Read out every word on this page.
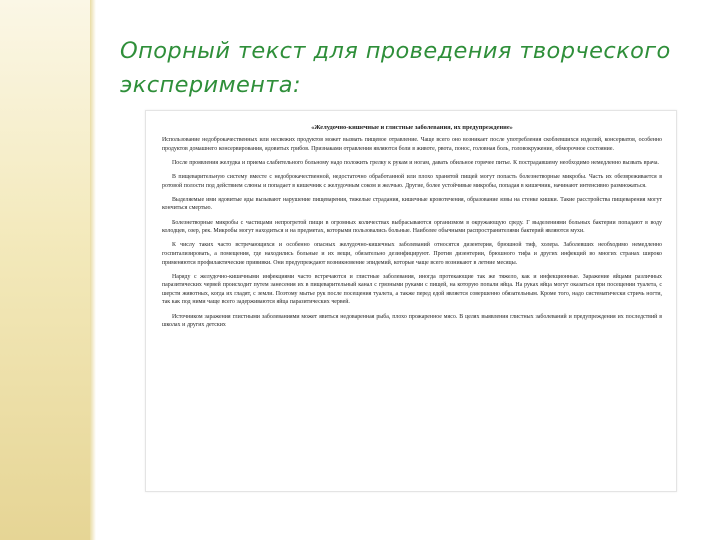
Опорный текст для проведения творческого эксперимента:
«Желудочно-кишечные и глистные заболевания, их предупреждение»

Использование недоброкачественных или несвежих продуктов может вызвать пищевое отравление. Чаще всего оно возникает после употребления скоблевшихся изделий, консерватов, особенно продуктов домашнего консервирования, ядовитых грибов. Признаками отравления являются боли в животе, рвота, понос, головная боль, головокружение, обморочное состояние.

После проявления желудка и приема слабительного больному надо положить грелку к рукам и ногам, давать обильное горячее питье. К пострадавшему необходимо немедленно вызвать врача.

В пищеварительную систему вместе с недоброкачественной, недостаточно обработанной или плохо хранятой пищей могут попасть болезнетворные микробы. Часть их обезвреживается в ротовой полости под действием слюны и попадает в кишечник с желудочным соком и желчью. Другие, более устойчивые микробы, попадая в кишечник, начинают интенсивно размножаться.

Выделяемые ими ядовитые яды вызывают нарушение пищеварения, тяжелые страдания, кишечные кровотечения, образование язвы на стенке кишки. Такие расстройства пищеварения могут кончиться смертью.

Болезнетворные микробы с частицами непрогретой пищи в огромных количествах выбрасываются организмом в окружающую среду. Г выделениями больных бактерии попадают в воду колодцев, озер, рек. Микробы могут находиться и на предметах, которыми пользовались больные. Наиболее обычными распространителями бактерий являются мухи.

К числу таких часто встречающихся и особенно опасных желудочно-кишечных заболеваний относятся дизентерия, брюшной тиф, холера. Заболевших необходимо немедленно госпитализировать, а помещения, где находились больные и их вещи, обязательно дезинфицируют. Против дизентерии, брюшного тифа и других инфекций во многих странах широко применяются профилактические прививки. Они предупреждают возникновение эпидемий, которые чаще всего возникают в летние месяцы.

Наряду с желудочно-кишечными инфекциями часто встречаются и глистные заболевания, иногда протекающие так же тяжело, как и инфекционные. Заражение яйцами различных паразитических червей происходит путем занесения их в пищеварительный канал с грязными руками с пищей, на которую попали яйца. На руках яйца могут оказаться при посещении туалета, с шерсти животных, когда их гладят, с земли. Поэтому мытье рук после посещения туалета, а также перед едой является совершенно обязательным. Кроме того, надо систематически стричь ногти, так как под ними чаще всего задерживаются яйца паразитических червей.

Источником заражения глистными заболеваниями может явиться недоваренная рыба, плохо прожаренное мясо. В целях выявления глистных заболеваний и предупреждения их последствий в школах и других детских
